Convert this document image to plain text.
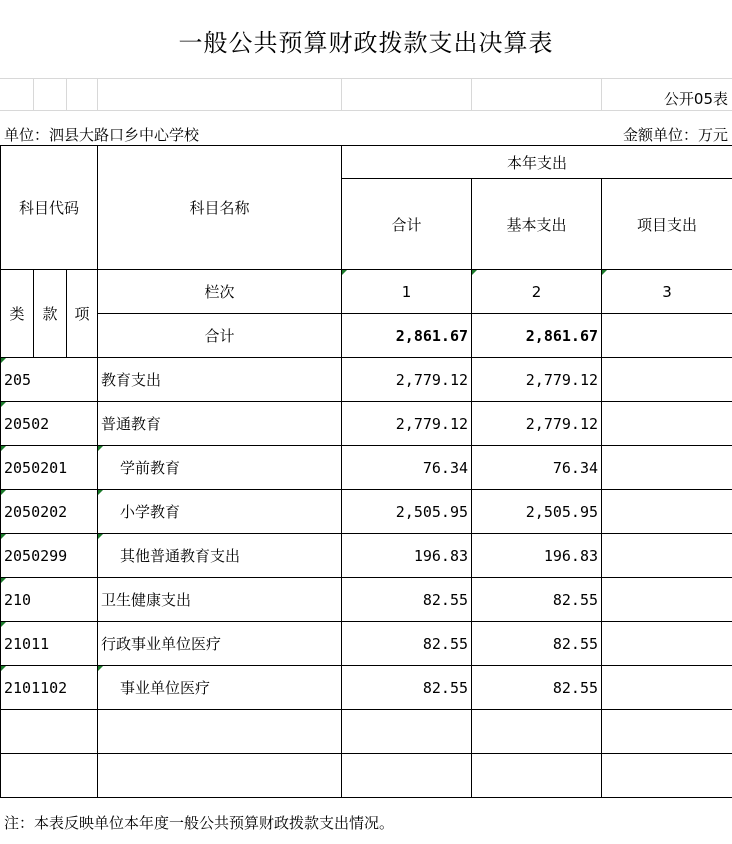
一般公共预算财政拨款支出决算表
公开05表
单位：泗县大路口乡中心学校	金额单位：万元
科目代码			科目名称	本年支出		
				合计	基本支出	项目支出
类	款	项	栏次	1	2	3
			合计	2,861.67	2,861.67	
205			教育支出	2,779.12	2,779.12	
20502			普通教育	2,779.12	2,779.12	
2050201			学前教育	76.34	76.34	
2050202			小学教育	2,505.95	2,505.95	
2050299			其他普通教育支出	196.83	196.83	
210			卫生健康支出	82.55	82.55	
21011			行政事业单位医疗	82.55	82.55	
2101102			事业单位医疗	82.55	82.55	

注：本表反映单位本年度一般公共预算财政拨款支出情况。
